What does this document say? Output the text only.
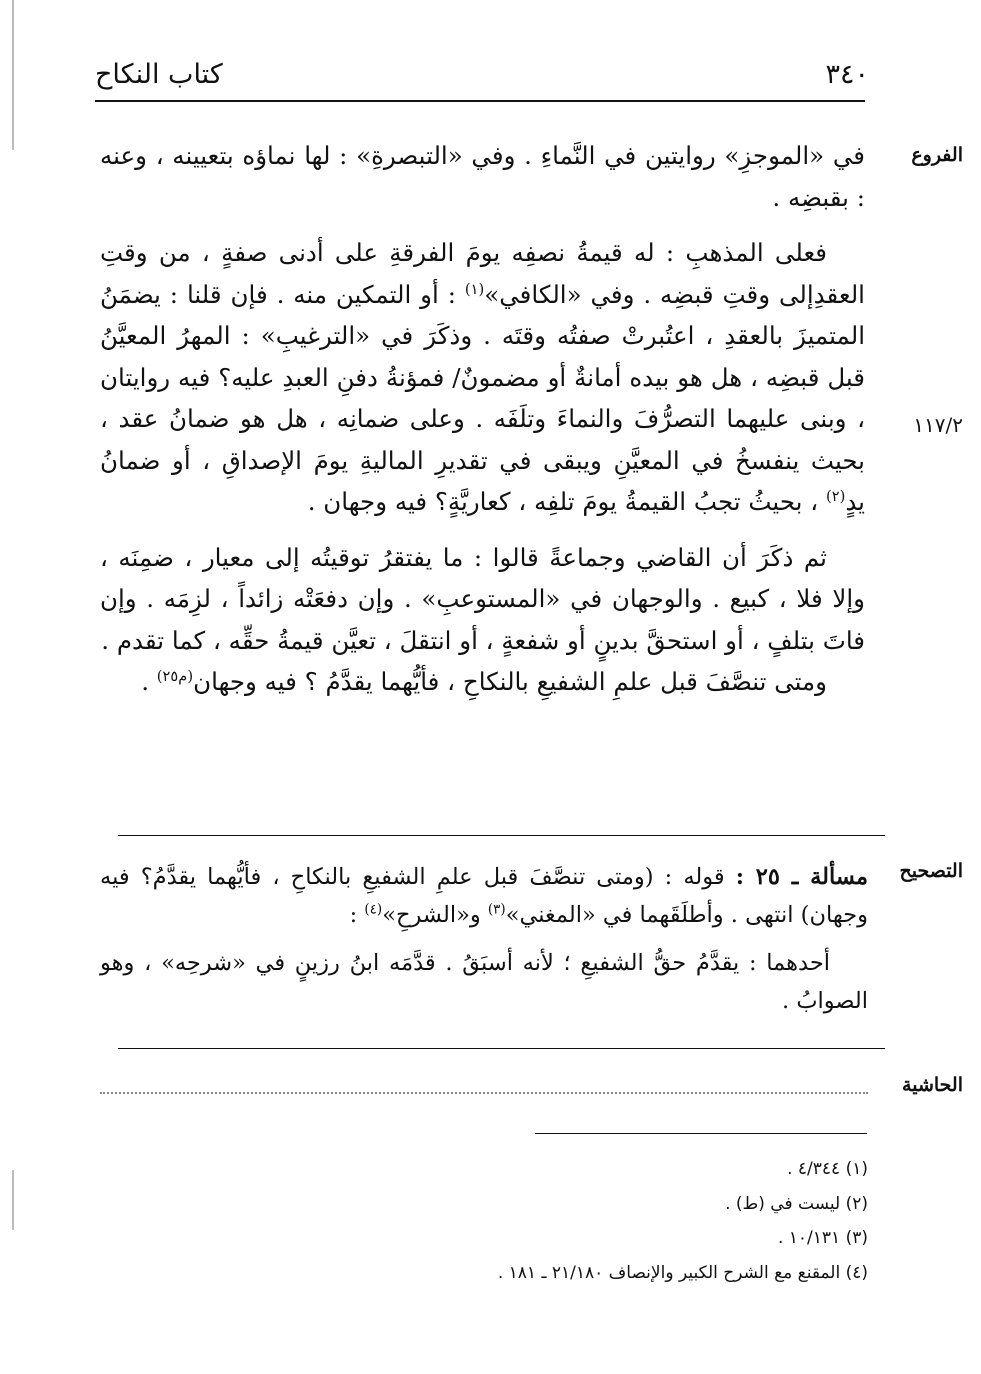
كتاب النكاح	٣٤٠
الفروع
١١٧/٢
التصحيح
الحاشية

في «الموجزِ» روايتين في النَّماءِ . وفي «التبصرةِ» : لها نماؤه بتعيينه ، وعنه : بقبضِه .

فعلى المذهبِ : له قيمةُ نصفِه يومَ الفرقةِ على أدنى صفةٍ ، من وقتِ العقدِإلى وقتِ قبضِه . وفي «الكافي»$^{(١)}$ : أو التمكين منه . فإن قلنا : يضمَنُ المتميزَ بالعقدِ ، اعتُبرتْ صفتُه وقتَه . وذكَرَ في «الترغيبِ» : المهرُ المعيَّنُ قبل قبضِه ، هل هو بيده أمانةٌ أو مضمونٌ/ فمؤنةُ دفنِ العبدِ عليه؟ فيه روايتان ، وبنى عليهما التصرُّفَ والنماءَ وتلَفَه . وعلى ضمانِه ، هل هو ضمانُ عقد ، بحيث ينفسخُ في المعيَّنِ ويبقى في تقديرِ الماليةِ يومَ الإصداقِ ، أو ضمانُ يدٍ$^{(٢)}$ ، بحيثُ تجبُ القيمةُ يومَ تلفِه ، كعاريَّةٍ؟ فيه وجهان .

ثم ذكَرَ أن القاضي وجماعةً قالوا : ما يفتقرُ توقيتُه إلى معيار ، ضمِنَه ، وإلا فلا ، كبيع . والوجهان في «المستوعبِ» . وإن دفعَتْه زائداً ، لزِمَه . وإن فاتَ بتلفٍ ، أو استحقَّ بدينٍ أو شفعةٍ ، أو انتقلَ ، تعيَّن قيمةُ حقِّه ، كما تقدم .

ومتى تنصَّفَ قبل علمِ الشفيعِ بالنكاحِ ، فأيُّهما يقدَّمُ ؟ فيه وجهان$^{(م٢٥)}$ .

مسألة ـ ٢٥ : قوله : (ومتى تنصَّفَ قبل علمِ الشفيعِ بالنكاحِ ، فأيُّهما يقدَّمُ؟ فيه وجهان) انتهى . وأطلَقَهما في «المغني»$^{(٣)}$ و«الشرحِ»$^{(٤)}$ :

أحدهما : يقدَّمُ حقُّ الشفيعِ ؛ لأنه أسبَقُ . قدَّمَه ابنُ رزينٍ في «شرحِه» ، وهو الصوابُ .

(١) ٤/٣٤٤ .
(٢) ليست في (ط) .
(٣) ١٠/١٣١ .
(٤) المقنع مع الشرح الكبير والإنصاف ٢١/١٨٠ ـ ١٨١ .
